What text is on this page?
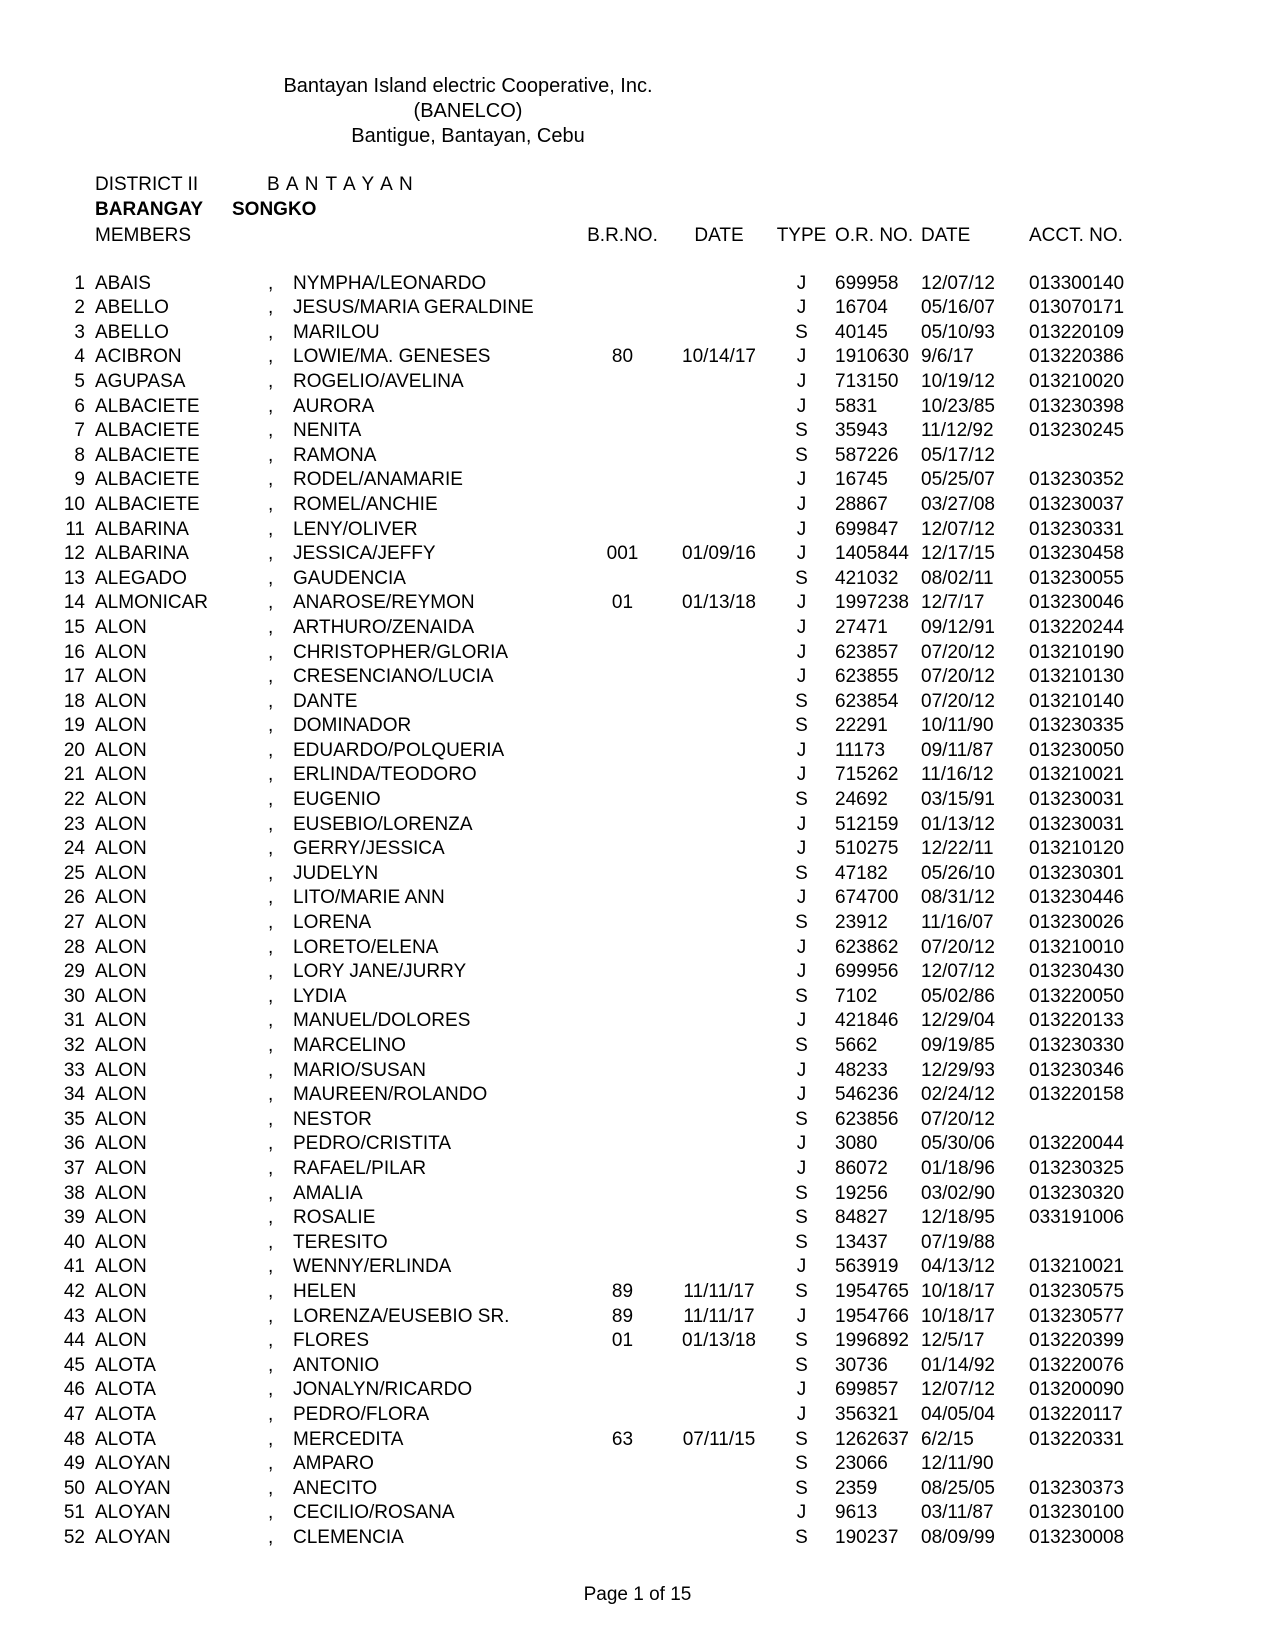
Bantayan Island electric Cooperative, Inc.
(BANELCO)
Bantigue, Bantayan, Cebu
DISTRICT II	B A N T A Y A N
BARANGAY SONGKO
	MEMBERS			B.R.NO.	DATE	TYPE	O.R. NO.	DATE	ACCT. NO.

1	ABAIS	,	NYMPHA/LEONARDO			J	699958	12/07/12	013300140
2	ABELLO	,	JESUS/MARIA GERALDINE			J	16704	05/16/07	013070171
3	ABELLO	,	MARILOU			S	40145	05/10/93	013220109
4	ACIBRON	,	LOWIE/MA. GENESES	80	10/14/17	J	1910630	9/6/17	013220386
5	AGUPASA	,	ROGELIO/AVELINA			J	713150	10/19/12	013210020
6	ALBACIETE	,	AURORA			J	5831	10/23/85	013230398
7	ALBACIETE	,	NENITA			S	35943	11/12/92	013230245
8	ALBACIETE	,	RAMONA			S	587226	05/17/12	
9	ALBACIETE	,	RODEL/ANAMARIE			J	16745	05/25/07	013230352
10	ALBACIETE	,	ROMEL/ANCHIE			J	28867	03/27/08	013230037
11	ALBARINA	,	LENY/OLIVER			J	699847	12/07/12	013230331
12	ALBARINA	,	JESSICA/JEFFY	001	01/09/16	J	1405844	12/17/15	013230458
13	ALEGADO	,	GAUDENCIA			S	421032	08/02/11	013230055
14	ALMONICAR	,	ANAROSE/REYMON	01	01/13/18	J	1997238	12/7/17	013230046
15	ALON	,	ARTHURO/ZENAIDA			J	27471	09/12/91	013220244
16	ALON	,	CHRISTOPHER/GLORIA			J	623857	07/20/12	013210190
17	ALON	,	CRESENCIANO/LUCIA			J	623855	07/20/12	013210130
18	ALON	,	DANTE			S	623854	07/20/12	013210140
19	ALON	,	DOMINADOR			S	22291	10/11/90	013230335
20	ALON	,	EDUARDO/POLQUERIA			J	11173	09/11/87	013230050
21	ALON	,	ERLINDA/TEODORO			J	715262	11/16/12	013210021
22	ALON	,	EUGENIO			S	24692	03/15/91	013230031
23	ALON	,	EUSEBIO/LORENZA			J	512159	01/13/12	013230031
24	ALON	,	GERRY/JESSICA			J	510275	12/22/11	013210120
25	ALON	,	JUDELYN			S	47182	05/26/10	013230301
26	ALON	,	LITO/MARIE ANN			J	674700	08/31/12	013230446
27	ALON	,	LORENA			S	23912	11/16/07	013230026
28	ALON	,	LORETO/ELENA			J	623862	07/20/12	013210010
29	ALON	,	LORY JANE/JURRY			J	699956	12/07/12	013230430
30	ALON	,	LYDIA			S	7102	05/02/86	013220050
31	ALON	,	MANUEL/DOLORES			J	421846	12/29/04	013220133
32	ALON	,	MARCELINO			S	5662	09/19/85	013230330
33	ALON	,	MARIO/SUSAN			J	48233	12/29/93	013230346
34	ALON	,	MAUREEN/ROLANDO			J	546236	02/24/12	013220158
35	ALON	,	NESTOR			S	623856	07/20/12	
36	ALON	,	PEDRO/CRISTITA			J	3080	05/30/06	013220044
37	ALON	,	RAFAEL/PILAR			J	86072	01/18/96	013230325
38	ALON	,	AMALIA			S	19256	03/02/90	013230320
39	ALON	,	ROSALIE			S	84827	12/18/95	033191006
40	ALON	,	TERESITO			S	13437	07/19/88	
41	ALON	,	WENNY/ERLINDA			J	563919	04/13/12	013210021
42	ALON	,	HELEN	89	11/11/17	S	1954765	10/18/17	013230575
43	ALON	,	LORENZA/EUSEBIO SR.	89	11/11/17	J	1954766	10/18/17	013230577
44	ALON	,	FLORES	01	01/13/18	S	1996892	12/5/17	013220399
45	ALOTA	,	ANTONIO			S	30736	01/14/92	013220076
46	ALOTA	,	JONALYN/RICARDO			J	699857	12/07/12	013200090
47	ALOTA	,	PEDRO/FLORA			J	356321	04/05/04	013220117
48	ALOTA	,	MERCEDITA	63	07/11/15	S	1262637	6/2/15	013220331
49	ALOYAN	,	AMPARO			S	23066	12/11/90	
50	ALOYAN	,	ANECITO			S	2359	08/25/05	013230373
51	ALOYAN	,	CECILIO/ROSANA			J	9613	03/11/87	013230100
52	ALOYAN	,	CLEMENCIA			S	190237	08/09/99	013230008
Page 1 of 15
